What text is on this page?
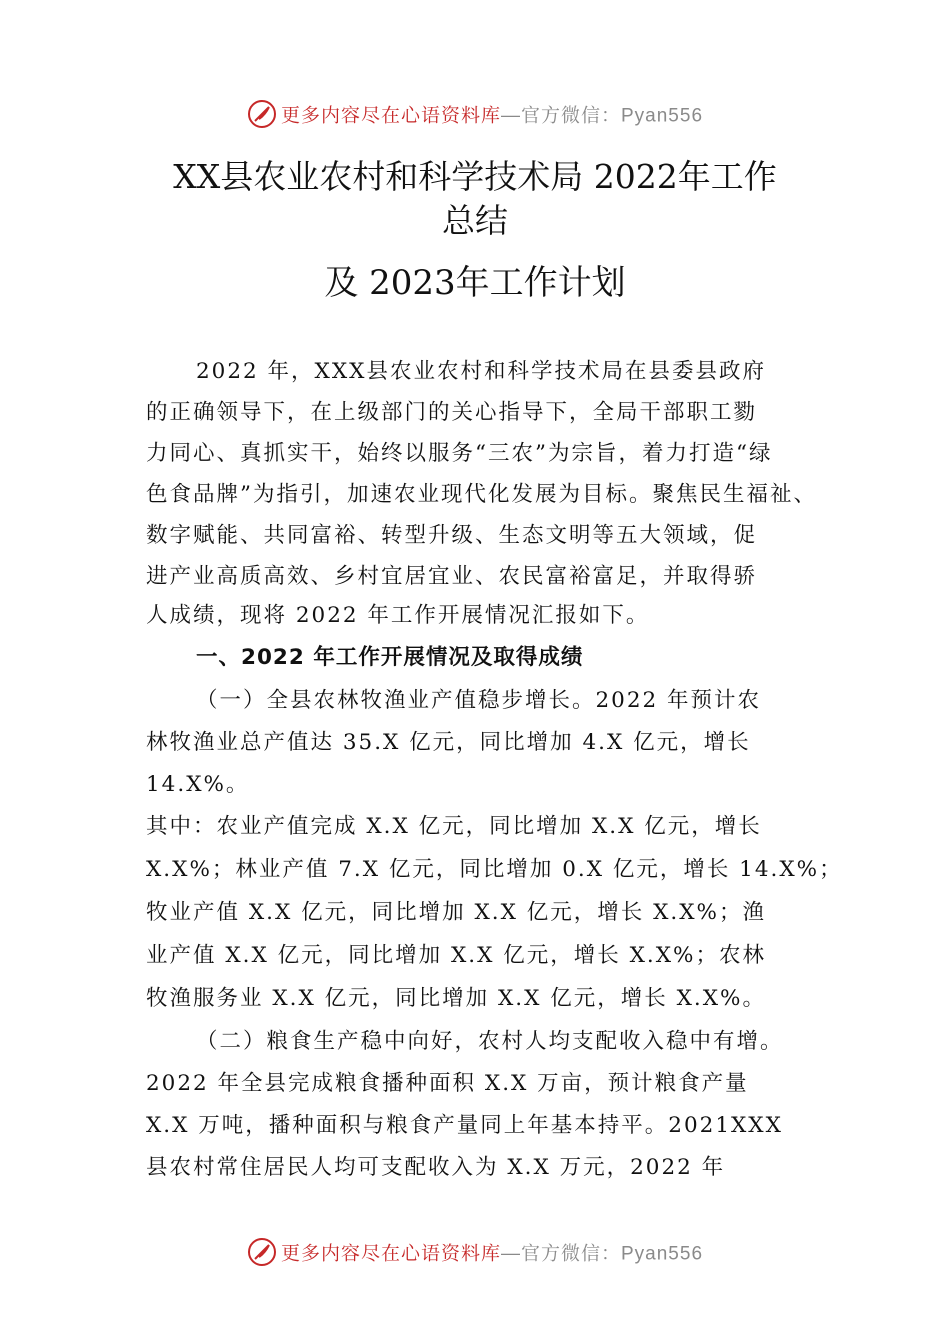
更多内容尽在心语资料库—官方微信：Pyan556
XX县农业农村和科学技术局 2022年工作
总结
及 2023年工作计划
2022 年，XXX县农业农村和科学技术局在县委县政府
的正确领导下，在上级部门的关心指导下，全局干部职工勠
力同心、真抓实干，始终以服务“三农”为宗旨，着力打造“绿
色食品牌”为指引，加速农业现代化发展为目标。聚焦民生福祉、
数字赋能、共同富裕、转型升级、生态文明等五大领域，促
进产业高质高效、乡村宜居宜业、农民富裕富足，并取得骄
人成绩，现将 2022 年工作开展情况汇报如下。
一、2022 年工作开展情况及取得成绩
（一）全县农林牧渔业产值稳步增长。2022 年预计农
林牧渔业总产值达 35.X 亿元，同比增加 4.X 亿元，增长
14.X%。
其中：农业产值完成 X.X 亿元，同比增加 X.X 亿元，增长
X.X%；林业产值 7.X 亿元，同比增加 0.X 亿元，增长 14.X%；
牧业产值 X.X 亿元，同比增加 X.X 亿元，增长 X.X%；渔
业产值 X.X 亿元，同比增加 X.X 亿元，增长 X.X%；农林
牧渔服务业 X.X 亿元，同比增加 X.X 亿元，增长 X.X%。
（二）粮食生产稳中向好，农村人均支配收入稳中有增。
2022 年全县完成粮食播种面积 X.X 万亩，预计粮食产量
X.X 万吨，播种面积与粮食产量同上年基本持平。2021XXX
县农村常住居民人均可支配收入为 X.X 万元，2022 年
更多内容尽在心语资料库—官方微信：Pyan556
